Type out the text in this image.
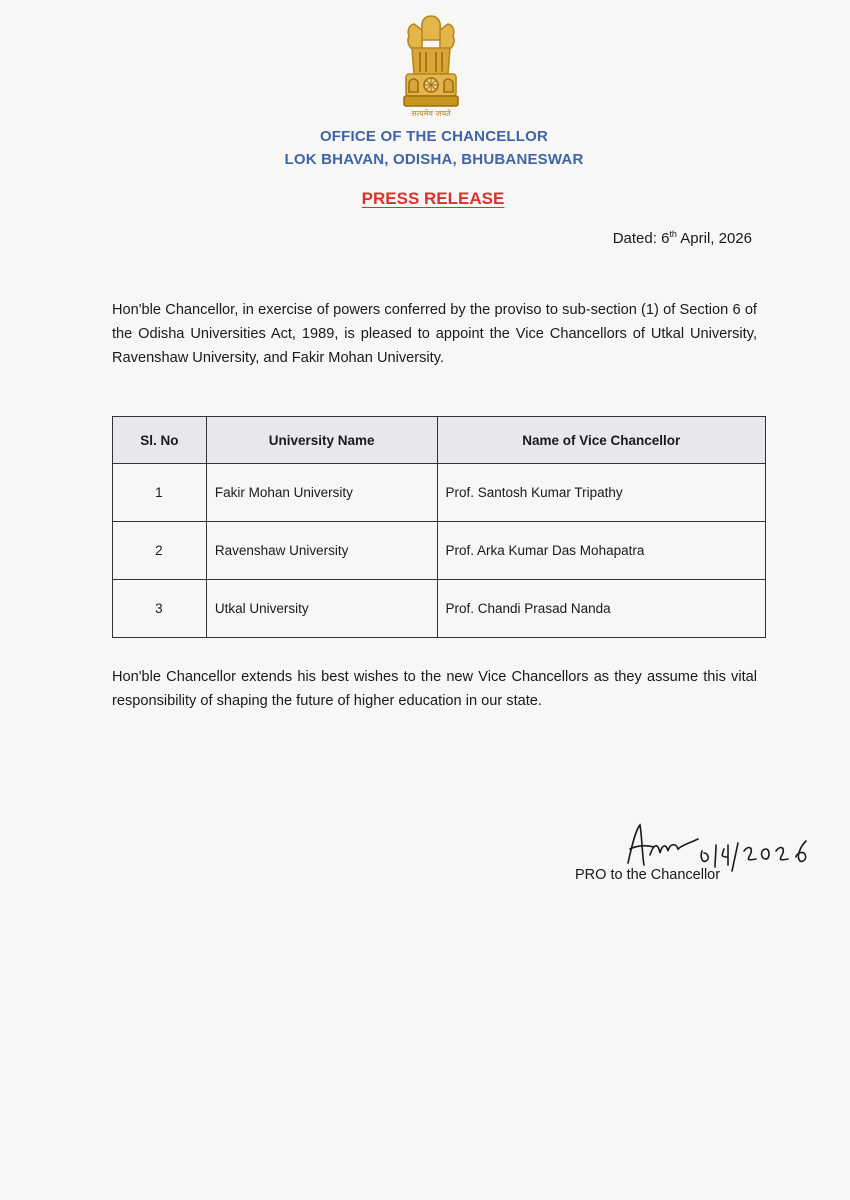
सत्यमेव जयते
OFFICE OF THE CHANCELLOR
LOK BHAVAN, ODISHA, BHUBANESWAR
PRESS RELEASE
Dated: 6th April, 2026
Hon'ble Chancellor, in exercise of powers conferred by the proviso to sub-section (1) of Section 6 of the Odisha Universities Act, 1989, is pleased to appoint the Vice Chancellors of Utkal University, Ravenshaw University, and Fakir Mohan University.
Sl. No	University Name	Name of Vice Chancellor
1	Fakir Mohan University	Prof. Santosh Kumar Tripathy
2	Ravenshaw University	Prof. Arka Kumar Das Mohapatra
3	Utkal University	Prof. Chandi Prasad Nanda
Hon'ble Chancellor extends his best wishes to the new Vice Chancellors as they assume this vital responsibility of shaping the future of higher education in our state.
PRO to the Chancellor
